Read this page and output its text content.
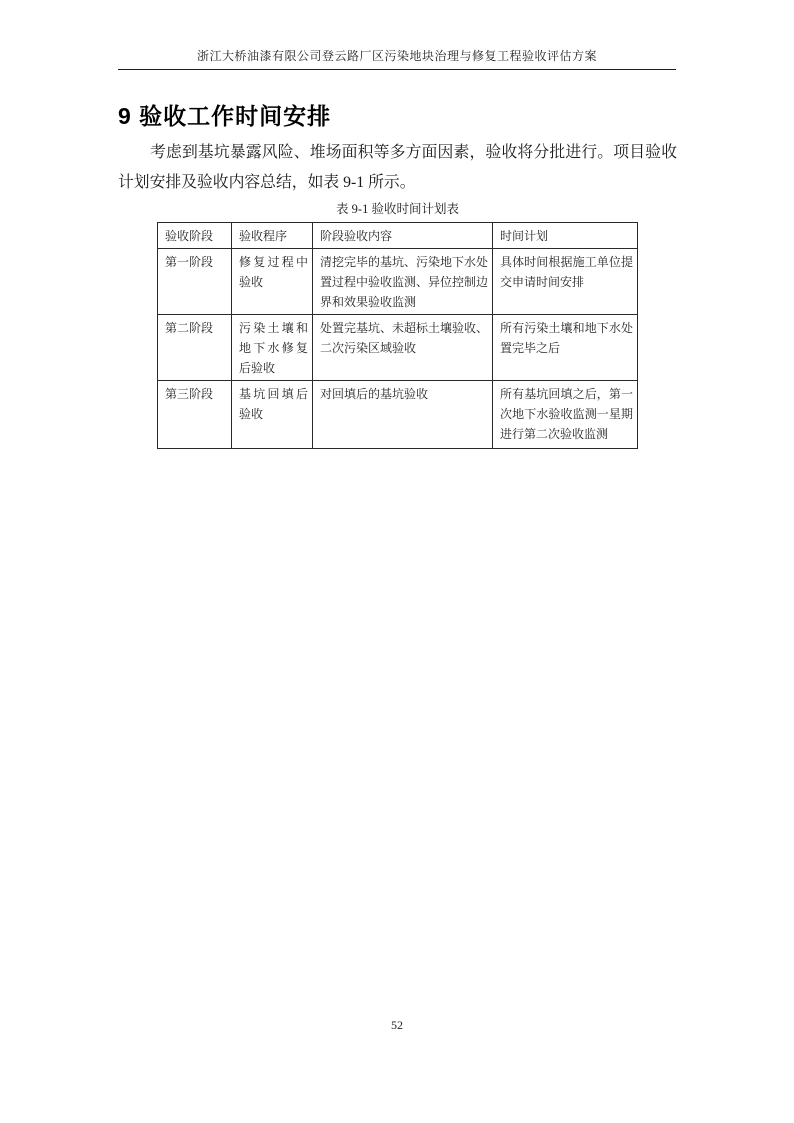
浙江大桥油漆有限公司登云路厂区污染地块治理与修复工程验收评估方案
9 验收工作时间安排

考虑到基坑暴露风险、堆场面积等多方面因素，验收将分批进行。项目验收计划安排及验收内容总结，如表 9-1 所示。

表 9-1 验收时间计划表
验收阶段	验收程序	阶段验收内容	时间计划
第一阶段	修复过程中验收	清挖完毕的基坑、污染地下水处置过程中验收监测、异位控制边界和效果验收监测	具体时间根据施工单位提交申请时间安排
第二阶段	污染土壤和地下水修复后验收	处置完基坑、未超标土壤验收、二次污染区域验收	所有污染土壤和地下水处置完毕之后
第三阶段	基坑回填后验收	对回填后的基坑验收	所有基坑回填之后，第一次地下水验收监测一星期进行第二次验收监测
52
